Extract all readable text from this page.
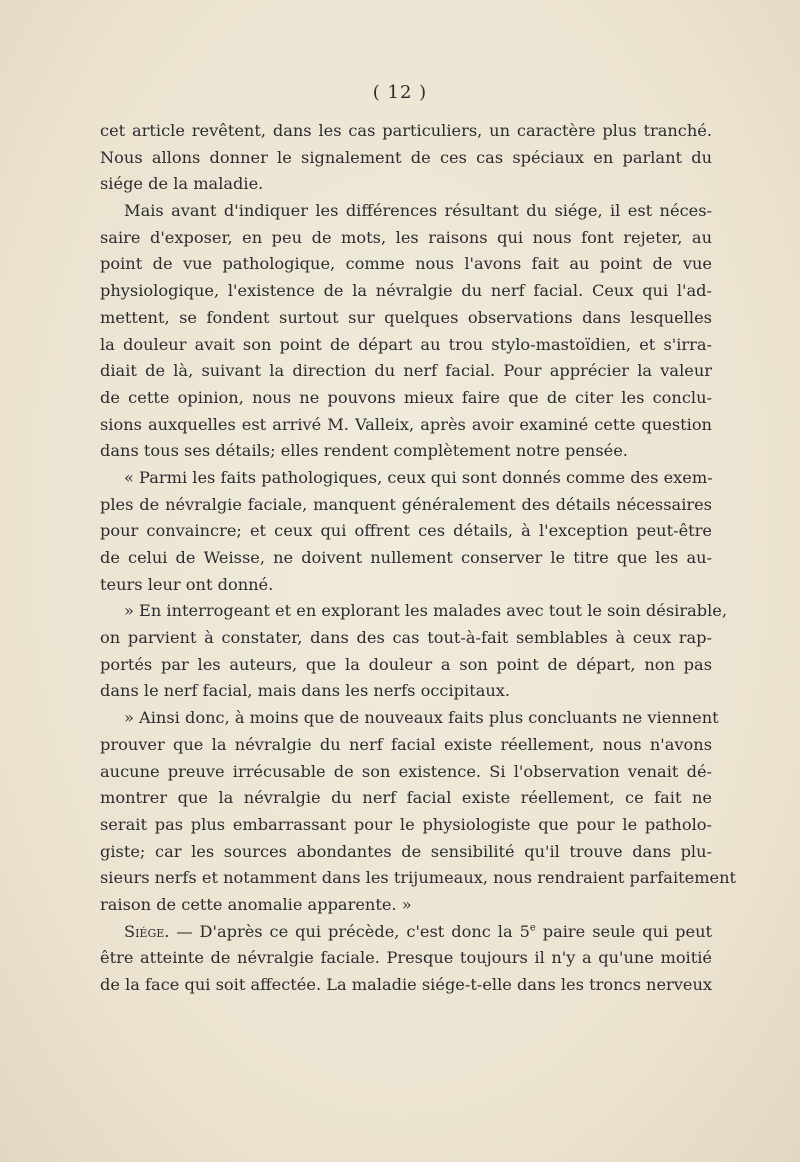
( 12 )
cet article revêtent, dans les cas particuliers, un caractère plus tranché.
Nous allons donner le signalement de ces cas spéciaux en parlant du
siége de la maladie.
Mais avant d'indiquer les différences résultant du siége, il est néces-
saire d'exposer, en peu de mots, les raisons qui nous font rejeter, au
point de vue pathologique, comme nous l'avons fait au point de vue
physiologique, l'existence de la névralgie du nerf facial. Ceux qui l'ad-
mettent, se fondent surtout sur quelques observations dans lesquelles
la douleur avait son point de départ au trou stylo-mastoïdien, et s'irra-
diait de là, suivant la direction du nerf facial. Pour apprécier la valeur
de cette opinion, nous ne pouvons mieux faire que de citer les conclu-
sions auxquelles est arrivé M. Valleix, après avoir examiné cette question
dans tous ses détails; elles rendent complètement notre pensée.
« Parmi les faits pathologiques, ceux qui sont donnés comme des exem-
ples de névralgie faciale, manquent généralement des détails nécessaires
pour convaincre; et ceux qui offrent ces détails, à l'exception peut-être
de celui de Weisse, ne doivent nullement conserver le titre que les au-
teurs leur ont donné.
» En interrogeant et en explorant les malades avec tout le soin désirable,
on parvient à constater, dans des cas tout-à-fait semblables à ceux rap-
portés par les auteurs, que la douleur a son point de départ, non pas
dans le nerf facial, mais dans les nerfs occipitaux.
» Ainsi donc, à moins que de nouveaux faits plus concluants ne viennent
prouver que la névralgie du nerf facial existe réellement, nous n'avons
aucune preuve irrécusable de son existence. Si l'observation venait dé-
montrer que la névralgie du nerf facial existe réellement, ce fait ne
serait pas plus embarrassant pour le physiologiste que pour le patholo-
giste; car les sources abondantes de sensibilité qu'il trouve dans plu-
sieurs nerfs et notamment dans les trijumeaux, nous rendraient parfaitement
raison de cette anomalie apparente. »
Siége. — D'après ce qui précède, c'est donc la 5e paire seule qui peut
être atteinte de névralgie faciale. Presque toujours il n'y a qu'une moitié
de la face qui soit affectée. La maladie siége-t-elle dans les troncs nerveux
